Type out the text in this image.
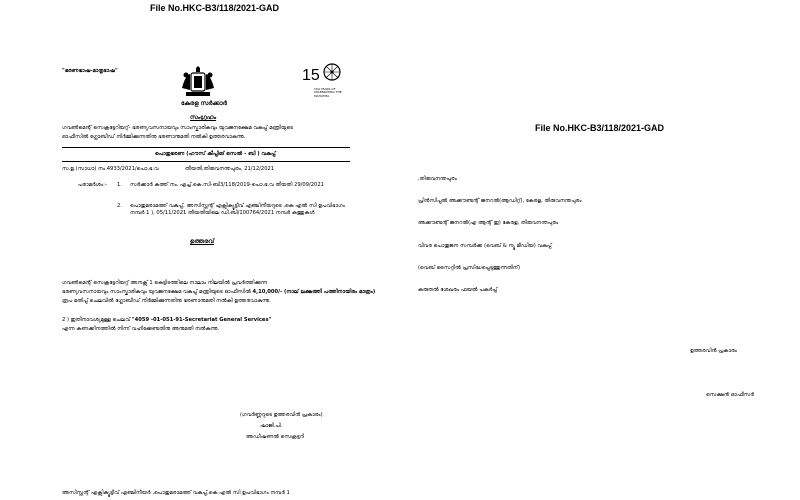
File No.HKC-B3/118/2021-GAD
"ഭരണഭാഷ-മാതൃഭാഷ"	15
150 YEARS OF CELEBRATING THE MAHATMA
കേരള സർക്കാർ
സംഗ്രഹം
ഗവൺമെന്റ് സെക്രട്ടേറിയറ്റ്- ഭരണ്യവസനായവും സാംസ്കാരികവും യുവജനക്ഷേമ വകുപ്പ് മന്ത്രിയുടെ
ഓഫീസിൽ ഗ്ലോബീഡ് നിർമ്മിക്കുന്നതിനു ഭരണാനുമതി നൽകി ഉത്തരവാകുന്നു.
പൊതുഭരണ (ഹൗസ് കീപ്പിങ് സെൽ - ബി ) വകുപ്പ്
സ.ഉ.(സാധാ) നം.4933/2021/പൊ.ഭ.വ	തീയതി,തിരുവനന്തപുരം, 21/12/2021
പരാമർശം:- 1. സർക്കാർ കത്ത് നം. എച്ച്.കെ.സി-ബി3/118/2019-പൊ.ഭ.വ തീയതി 29/09/2021
2. പൊതുമരാമത്ത് വകുപ്പ്, അസിസ്റ്റന്റ് എക്സിക്യൂട്ടീവ് എഞ്ചിനീയറുടെ ,കെ എൽ സി ഉപവിഭാഗം നമ്പർ 1 ), 05/11/2021 തീയതിയിലെ ഡി.ബി/100764/2021 നമ്പർ കത്തുകൾ
ഉത്തരവ്
ഗവൺമെന്റ് സെക്രട്ടേറിയറ്റ് അനക്സ് 1 കെട്ടിടത്തിലെ നാലാം നിലയിൽ പ്രവർത്തിക്കുന്ന
ഭരണ്യവസനായവും സാംസ്കാരികവും യുവജനക്ഷേമ വകുപ്പ് മന്ത്രിയുടെ ഓഫീസിൽ 4,10,000/- (നാല് ലക്ഷത്തി പത്തിനായിരം മാത്രം)
രൂപ മതിപ്പ് ചെലവിൽ ഗ്ലോബീഡ് നിർമ്മിക്കുന്നതിനു ഭരണാനുമതി നൽകി ഉത്തരവാകുന്നു.
2 ) ഇതിനാവശ്യമുള്ള ചെലവ് "4059 -01-051-91-Secretariat General Services"
എന്ന കണക്കിനത്തിൽ നിന്ന് വഹിക്കേണ്ടതിനു അനുമതി നൽകുന്നു.
(ഗവർണ്ണറുടെ ഉത്തരവിൻ പ്രകാരം)
ഷാജി.പി.
അഡീഷണൽ സെക്രട്ടറി
അസിസ്റ്റന്റ് എക്സിക്യൂട്ടീവ് എഞ്ചിനീയർ ,പൊതുമരാമത്ത് വകുപ്പ്,കെ എൽ സി ഉപവിഭാഗം നമ്പർ 1
File No.HKC-B3/118/2021-GAD
,തിരുവനന്തപുരം
പ്രിൻസിപ്പൽ അക്കൗണ്ടന്റ് ജനറൽ(ആഡിറ്റ്), കേരള, തിരുവനന്തപുരം
അക്കൗണ്ടന്റ് ജനറൽ(എ ആന്റ് ഇ) കേരള, തിരുവനന്തപുരം
വിവര പൊതുജന സമ്പർക്ക (വെബ് & ന്യൂ മീഡിയ) വകുപ്പ്
(വെബ് സൈറ്റിൽ പ്രസിദ്ധപ്പെടുത്തുന്നതിന്)
കരുതൽ ശേഖരം ഫയൽ പകർപ്പ്
ഉത്തരവിൻ പ്രകാരം
സെക്ഷൻ ഓഫീസർ
